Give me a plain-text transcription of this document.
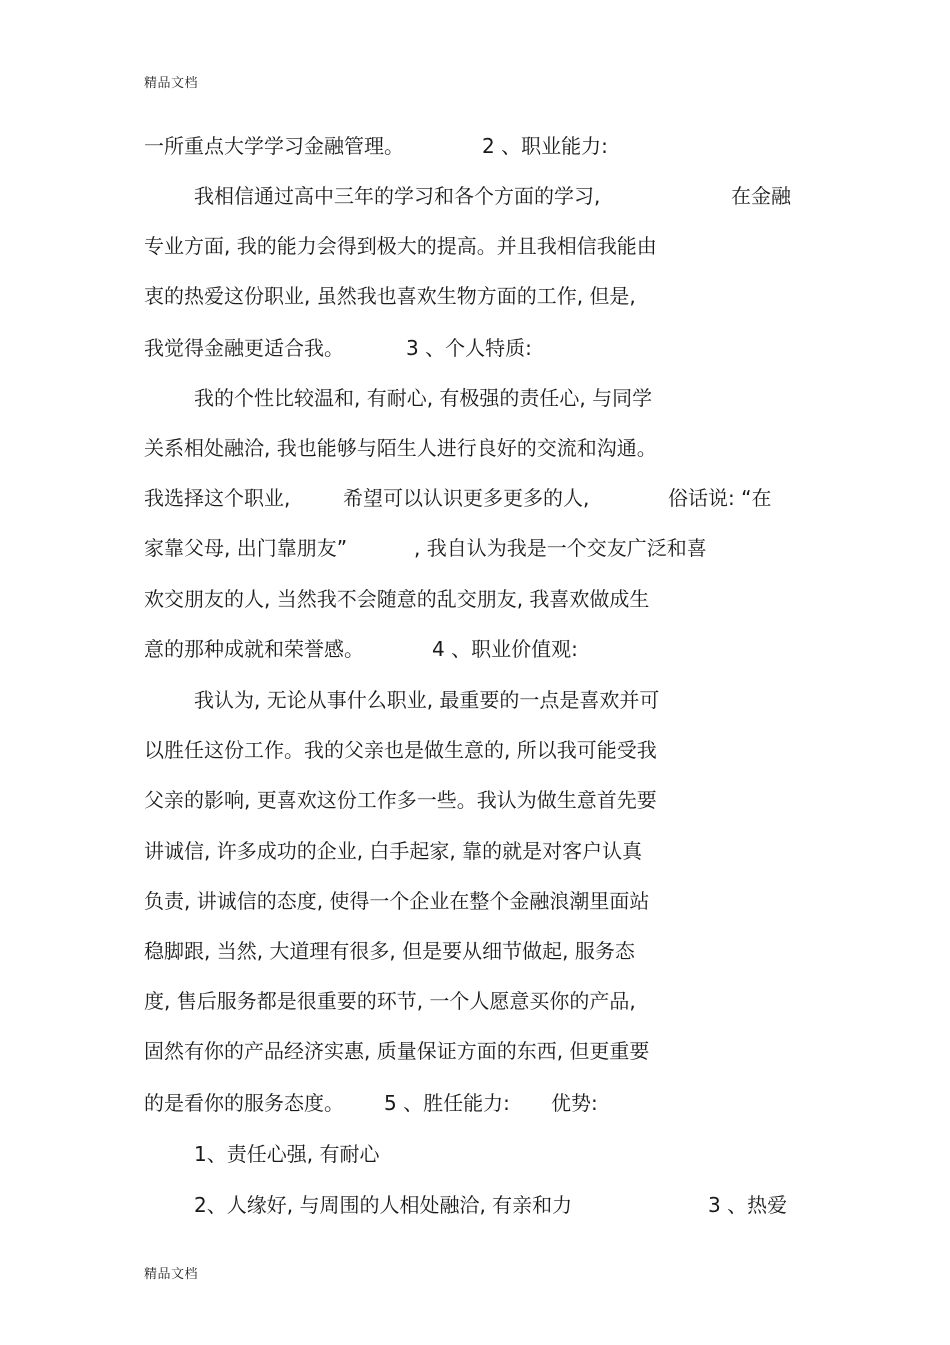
精品文档
一所重点大学学习金融管理。	2 、职业能力:
我相信通过高中三年的学习和各个方面的学习,	在金融
专业方面, 我的能力会得到极大的提高。并且我相信我能由
衷的热爱这份职业, 虽然我也喜欢生物方面的工作, 但是,
我觉得金融更适合我。	3 、个人特质:
我的个性比较温和, 有耐心, 有极强的责任心, 与同学
关系相处融洽, 我也能够与陌生人进行良好的交流和沟通。
我选择这个职业,	希望可以认识更多更多的人,	俗话说: “在
家靠父母, 出门靠朋友”	, 我自认为我是一个交友广泛和喜
欢交朋友的人, 当然我不会随意的乱交朋友, 我喜欢做成生
意的那种成就和荣誉感。	4 、职业价值观:
我认为, 无论从事什么职业, 最重要的一点是喜欢并可
以胜任这份工作。我的父亲也是做生意的, 所以我可能受我
父亲的影响, 更喜欢这份工作多一些。我认为做生意首先要
讲诚信, 许多成功的企业, 白手起家, 靠的就是对客户认真
负责, 讲诚信的态度, 使得一个企业在整个金融浪潮里面站
稳脚跟, 当然, 大道理有很多, 但是要从细节做起, 服务态
度, 售后服务都是很重要的环节, 一个人愿意买你的产品,
固然有你的产品经济实惠, 质量保证方面的东西, 但更重要
的是看你的服务态度。 5 、胜任能力: 优势:
1、责任心强, 有耐心
2、人缘好, 与周围的人相处融洽, 有亲和力	3 、热爱
精品文档
